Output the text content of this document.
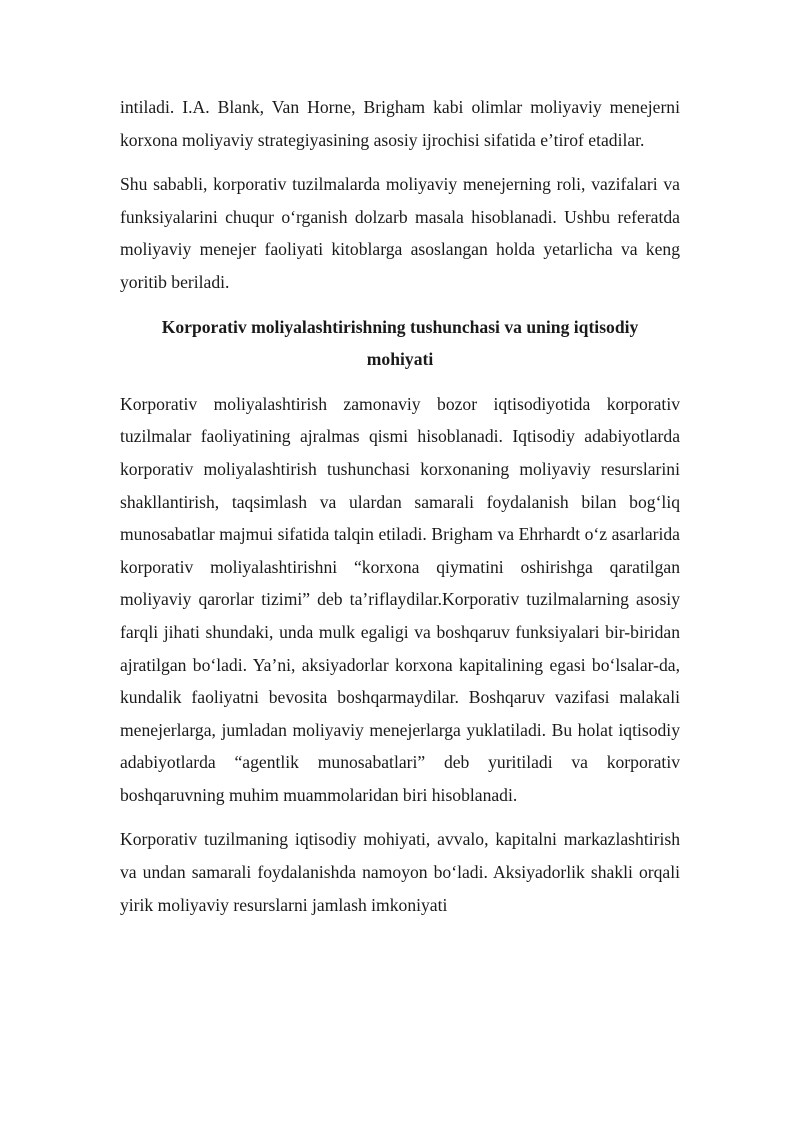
intiladi. I.A. Blank, Van Horne, Brigham kabi olimlar moliyaviy menejerni korxona moliyaviy strategiyasining asosiy ijrochisi sifatida e’tirof etadilar.

Shu sababli, korporativ tuzilmalarda moliyaviy menejerning roli, vazifalari va funksiyalarini chuqur o‘rganish dolzarb masala hisoblanadi. Ushbu referatda moliyaviy menejer faoliyati kitoblarga asoslangan holda yetarlicha va keng yoritib beriladi.

Korporativ moliyalashtirishning tushunchasi va uning iqtisodiy mohiyati

Korporativ moliyalashtirish zamonaviy bozor iqtisodiyotida korporativ tuzilmalar faoliyatining ajralmas qismi hisoblanadi. Iqtisodiy adabiyotlarda korporativ moliyalashtirish tushunchasi korxonaning moliyaviy resurslarini shakllantirish, taqsimlash va ulardan samarali foydalanish bilan bog‘liq munosabatlar majmui sifatida talqin etiladi. Brigham va Ehrhardt o‘z asarlarida korporativ moliyalashtirishni “korxona qiymatini oshirishga qaratilgan moliyaviy qarorlar tizimi” deb ta’riflaydilar.Korporativ tuzilmalarning asosiy farqli jihati shundaki, unda mulk egaligi va boshqaruv funksiyalari bir-biridan ajratilgan bo‘ladi. Ya’ni, aksiyadorlar korxona kapitalining egasi bo‘lsalar-da, kundalik faoliyatni bevosita boshqarmaydilar. Boshqaruv vazifasi malakali menejerlarga, jumladan moliyaviy menejerlarga yuklatiladi. Bu holat iqtisodiy adabiyotlarda “agentlik munosabatlari” deb yuritiladi va korporativ boshqaruvning muhim muammolaridan biri hisoblanadi.

Korporativ tuzilmaning iqtisodiy mohiyati, avvalo, kapitalni markazlashtirish va undan samarali foydalanishda namoyon bo‘ladi. Aksiyadorlik shakli orqali yirik moliyaviy resurslarni jamlash imkoniyati
